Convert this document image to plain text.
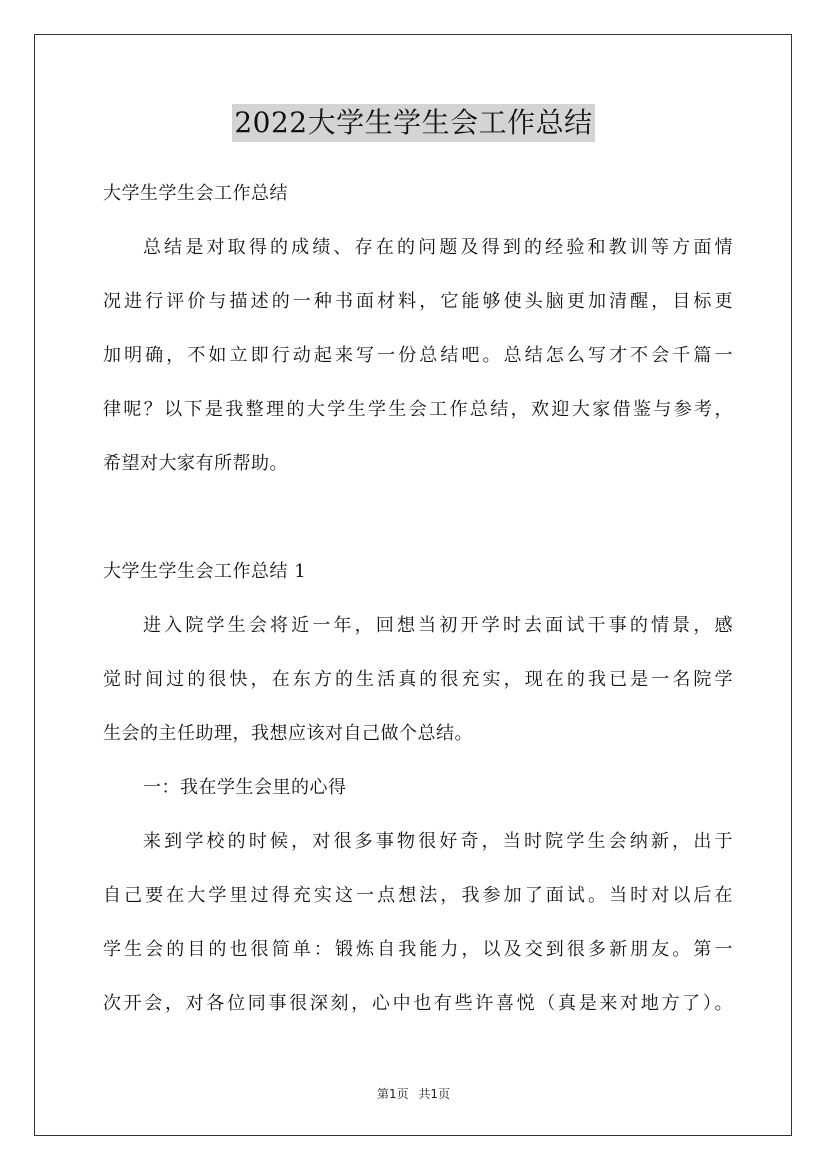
2022大学生学生会工作总结
大学生学生会工作总结
总结是对取得的成绩、存在的问题及得到的经验和教训等方面情
况进行评价与描述的一种书面材料，它能够使头脑更加清醒，目标更
加明确，不如立即行动起来写一份总结吧。总结怎么写才不会千篇一
律呢？以下是我整理的大学生学生会工作总结，欢迎大家借鉴与参考，
希望对大家有所帮助。
大学生学生会工作总结 1
进入院学生会将近一年，回想当初开学时去面试干事的情景，感
觉时间过的很快，在东方的生活真的很充实，现在的我已是一名院学
生会的主任助理，我想应该对自己做个总结。
一：我在学生会里的心得
来到学校的时候，对很多事物很好奇，当时院学生会纳新，出于
自己要在大学里过得充实这一点想法，我参加了面试。当时对以后在
学生会的目的也很简单：锻炼自我能力，以及交到很多新朋友。第一
次开会，对各位同事很深刻，心中也有些许喜悦（真是来对地方了）。
第1页 共1页
